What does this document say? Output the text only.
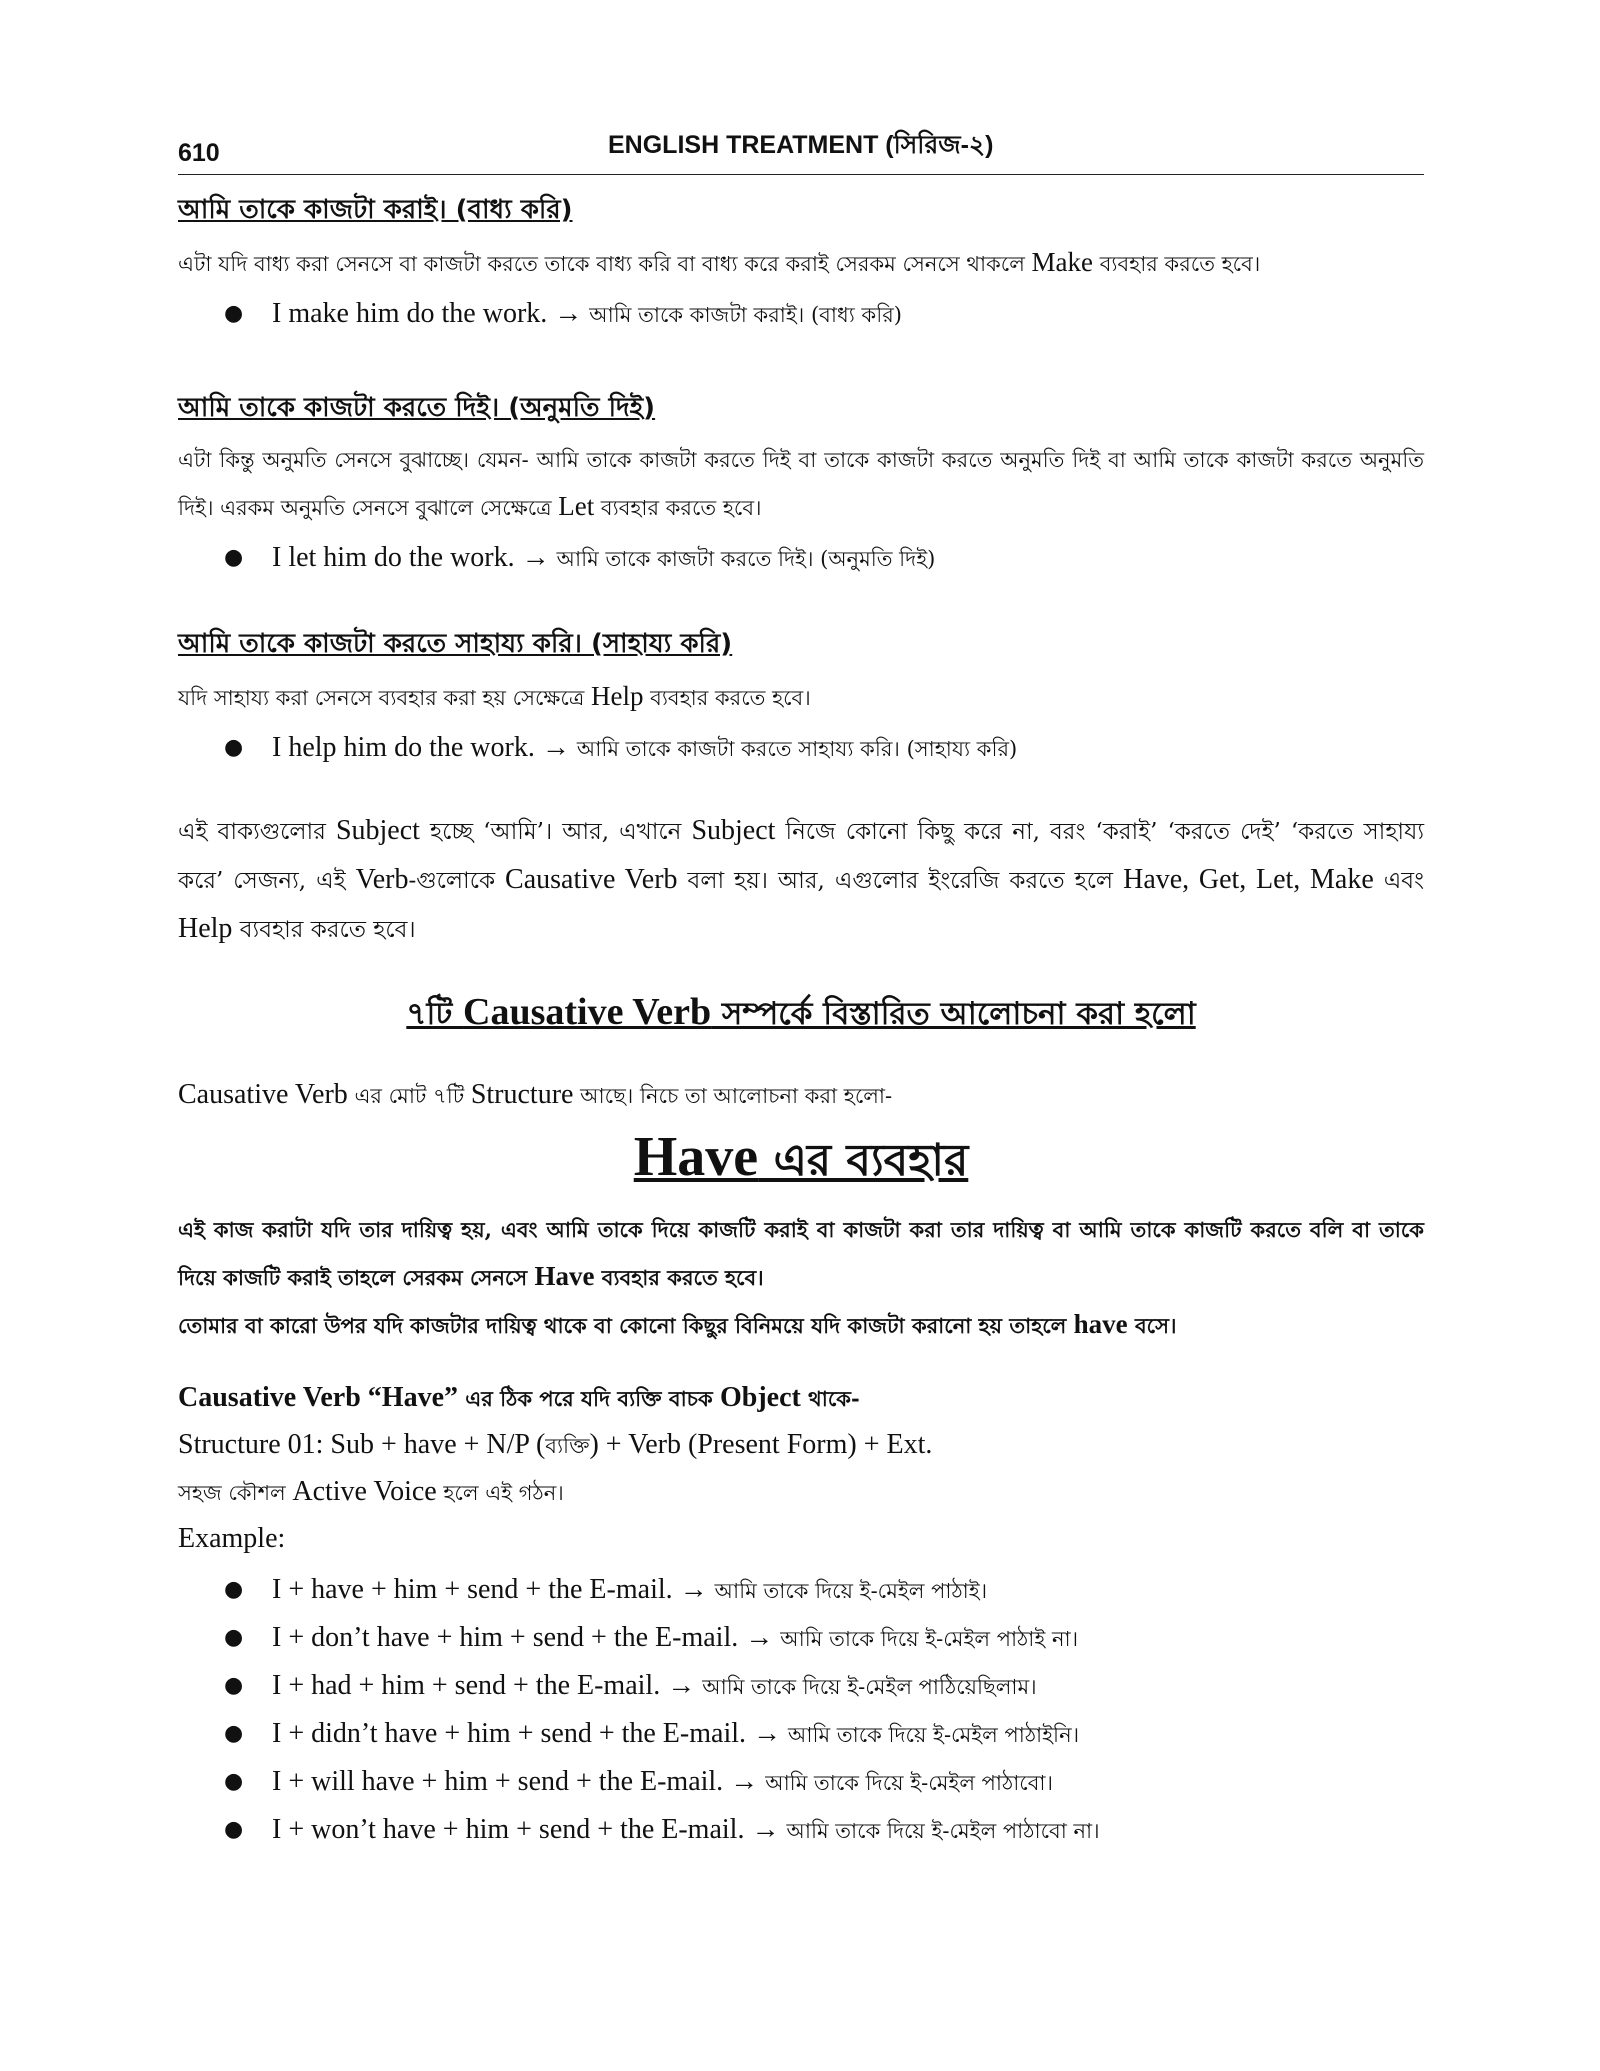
610	ENGLISH TREATMENT (সিরিজ-২)
আমি তাকে কাজটা করাই। (বাধ্য করি)

এটা যদি বাধ্য করা সেনসে বা কাজটা করতে তাকে বাধ্য করি বা বাধ্য করে করাই সেরকম সেনসে থাকলে Make ব্যবহার করতে হবে।

● I make him do the work. → আমি তাকে কাজটা করাই। (বাধ্য করি)
আমি তাকে কাজটা করতে দিই। (অনুমতি দিই)

এটা কিন্তু অনুমতি সেনসে বুঝাচ্ছে। যেমন- আমি তাকে কাজটা করতে দিই বা তাকে কাজটা করতে অনুমতি দিই বা আমি তাকে কাজটা করতে অনুমতি দিই। এরকম অনুমতি সেনসে বুঝালে সেক্ষেত্রে Let ব্যবহার করতে হবে।

● I let him do the work. → আমি তাকে কাজটা করতে দিই। (অনুমতি দিই)
আমি তাকে কাজটা করতে সাহায্য করি। (সাহায্য করি)

যদি সাহায্য করা সেনসে ব্যবহার করা হয় সেক্ষেত্রে Help ব্যবহার করতে হবে।

● I help him do the work. → আমি তাকে কাজটা করতে সাহায্য করি। (সাহায্য করি)

এই বাক্যগুলোর Subject হচ্ছে ‘আমি’। আর, এখানে Subject নিজে কোনো কিছু করে না, বরং ‘করাই’ ‘করতে দেই’ ‘করতে সাহায্য করে’ সেজন্য, এই Verb-গুলোকে Causative Verb বলা হয়। আর, এগুলোর ইংরেজি করতে হলে Have, Get, Let, Make এবং Help ব্যবহার করতে হবে।

৭টি Causative Verb সম্পর্কে বিস্তারিত আলোচনা করা হলো

Causative Verb এর মোট ৭টি Structure আছে। নিচে তা আলোচনা করা হলো-

Have এর ব্যবহার

এই কাজ করাটা যদি তার দায়িত্ব হয়, এবং আমি তাকে দিয়ে কাজটি করাই বা কাজটা করা তার দায়িত্ব বা আমি তাকে কাজটি করতে বলি বা তাকে দিয়ে কাজটি করাই তাহলে সেরকম সেনসে Have ব্যবহার করতে হবে।

তোমার বা কারো উপর যদি কাজটার দায়িত্ব থাকে বা কোনো কিছুর বিনিময়ে যদি কাজটা করানো হয় তাহলে have বসে।

Causative Verb “Have” এর ঠিক পরে যদি ব্যক্তি বাচক Object থাকে-

Structure 01: Sub + have + N/P (ব্যক্তি) + Verb (Present Form) + Ext.

সহজ কৌশল Active Voice হলে এই গঠন।

Example:

● I + have + him + send + the E-mail. → আমি তাকে দিয়ে ই-মেইল পাঠাই।
● I + don’t have + him + send + the E-mail. → আমি তাকে দিয়ে ই-মেইল পাঠাই না।
● I + had + him + send + the E-mail. → আমি তাকে দিয়ে ই-মেইল পাঠিয়েছিলাম।
● I + didn’t have + him + send + the E-mail. → আমি তাকে দিয়ে ই-মেইল পাঠাইনি।
● I + will have + him + send + the E-mail. → আমি তাকে দিয়ে ই-মেইল পাঠাবো।
● I + won’t have + him + send + the E-mail. → আমি তাকে দিয়ে ই-মেইল পাঠাবো না।
